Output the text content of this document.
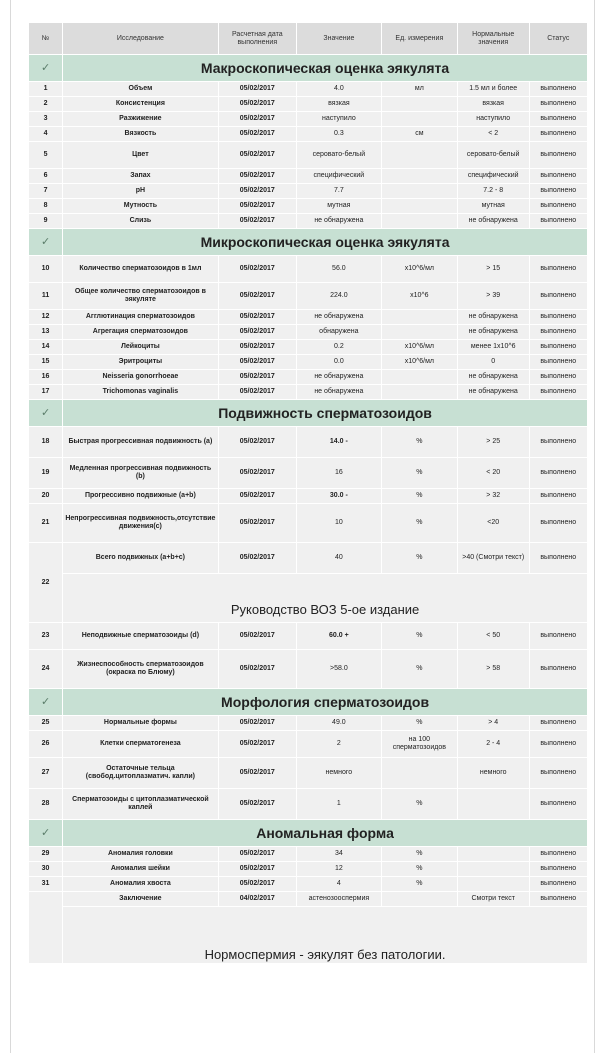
№	Исследование	Расчетная дата выполнения	Значение	Ед. измерения	Нормальные значения	Статус
✓	Макроскопическая оценка эякулята					
1	Объем	05/02/2017	4.0	мл	1.5 мл и более	выполнено
2	Консистенция	05/02/2017	вязкая		вязкая	выполнено
3	Разжижение	05/02/2017	наступило		наступило	выполнено
4	Вязкость	05/02/2017	0.3	см	< 2	выполнено
5	Цвет	05/02/2017	серовато-белый		серовато-белый	выполнено
6	Запах	05/02/2017	специфический		специфический	выполнено
7	pH	05/02/2017	7.7		7.2 - 8	выполнено
8	Мутность	05/02/2017	мутная		мутная	выполнено
9	Слизь	05/02/2017	не обнаружена		не обнаружена	выполнено
✓	Микроскопическая оценка эякулята					
10	Количество сперматозоидов в 1мл	05/02/2017	56.0	x10^6/мл	> 15	выполнено
11	Общее количество сперматозоидов в эякуляте	05/02/2017	224.0	x10^6	> 39	выполнено
12	Агглютинация сперматозоидов	05/02/2017	не обнаружена		не обнаружена	выполнено
13	Агрегация сперматозоидов	05/02/2017	обнаружена		не обнаружена	выполнено
14	Лейкоциты	05/02/2017	0.2	x10^6/мл	менее 1x10^6	выполнено
15	Эритроциты	05/02/2017	0.0	x10^6/мл	0	выполнено
16	Neisseria gonorrhoeae	05/02/2017	не обнаружена		не обнаружена	выполнено
17	Trichomonas vaginalis	05/02/2017	не обнаружена		не обнаружена	выполнено
✓	Подвижность сперматозоидов					
18	Быстрая прогрессивная подвижность (a)	05/02/2017	14.0 -	%	> 25	выполнено
19	Медленная прогрессивная подвижность (b)	05/02/2017	16	%	< 20	выполнено
20	Прогрессивно подвижные (a+b)	05/02/2017	30.0 -	%	> 32	выполнено
21	Непрогрессивная подвижность,отсутствие движения(c)	05/02/2017	10	%	<20	выполнено
22	Всего подвижных (a+b+c)	05/02/2017	40	%	>40 (Смотри текст)	выполнено
	Руководство ВОЗ 5-ое издание					
23	Неподвижные сперматозоиды (d)	05/02/2017	60.0 +	%	< 50	выполнено
24	Жизнеспособность сперматозоидов (окраска по Блюму)	05/02/2017	>58.0	%	> 58	выполнено
✓	Морфология сперматозоидов					
25	Нормальные формы	05/02/2017	49.0	%	> 4	выполнено
26	Клетки сперматогенеза	05/02/2017	2	на 100 сперматозоидов	2 - 4	выполнено
27	Остаточные тельца (свобод.цитоплазматич. капли)	05/02/2017	немного		немного	выполнено
28	Сперматозоиды с цитоплазматической каплей	05/02/2017	1	%		выполнено
✓	Аномальная форма					
29	Аномалия головки	05/02/2017	34	%		выполнено
30	Аномалия шейки	05/02/2017	12	%		выполнено
31	Аномалия хвоста	05/02/2017	4	%		выполнено
	Заключение	04/02/2017	астенозооспермия		Смотри текст	выполнено
	Нормоспермия - эякулят без патологии.					
